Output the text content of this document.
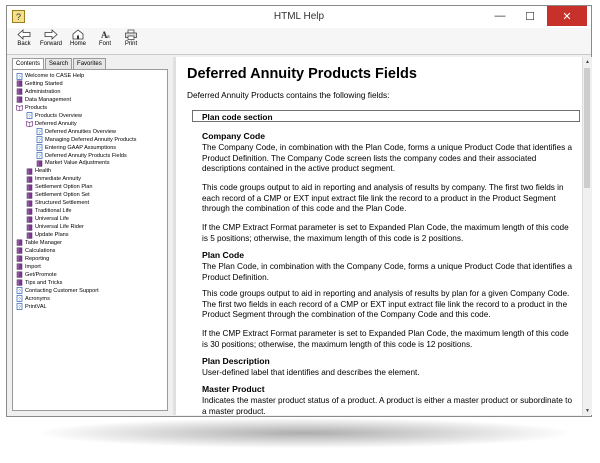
?	HTML Help	—	☐	✕
Back	Forward	Home
A a
Font	Print
Contents	Search	Favorites
? Welcome to CASE Help
Getting Started
Administration
Data Management
Products
? Products Overview
Deferred Annuity
? Deferred Annuities Overview
? Managing Deferred Annuity Products
? Entering GAAP Assumptions
? Deferred Annuity Products Fields
Market Value Adjustments
Health
Immediate Annuity
Settlement Option Plan
Settlement Option Set
Structured Settlement
Traditional Life
Universal Life
Universal Life Rider
Update Plans
Table Manager
Calculations
Reporting
Import
Get/Promote
Tips and Tricks
? Contacting Customer Support
? Acronyms
? PrintVAL
Deferred Annuity Products Fields
Deferred Annuity Products contains the following fields:
Plan code section
Company Code
The Company Code, in combination with the Plan Code, forms a unique Product Code that identifies a Product Definition. The Company Code screen lists the company codes and their associated descriptions contained in the active product segment.
This code groups output to aid in reporting and analysis of results by company. The first two fields in each record of a CMP or EXT input extract file link the record to a product in the Product Segment through the combination of this code and the Plan Code.
If the CMP Extract Format parameter is set to Expanded Plan Code, the maximum length of this code is 5 positions; otherwise, the maximum length of this code is 2 positions.
Plan Code
The Plan Code, in combination with the Company Code, forms a unique Product Code that identifies a Product Definition.
This code groups output to aid in reporting and analysis of results by plan for a given Company Code. The first two fields in each record of a CMP or EXT input extract file link the record to a product in the Product Segment through the combination of the Company Code and this code.
If the CMP Extract Format parameter is set to Expanded Plan Code, the maximum length of this code is 30 positions; otherwise, the maximum length of this code is 12 positions.
Plan Description
User-defined label that identifies and describes the element.
Master Product
Indicates the master product status of a product. A product is either a master product or subordinate to a master product.
▲
▼
